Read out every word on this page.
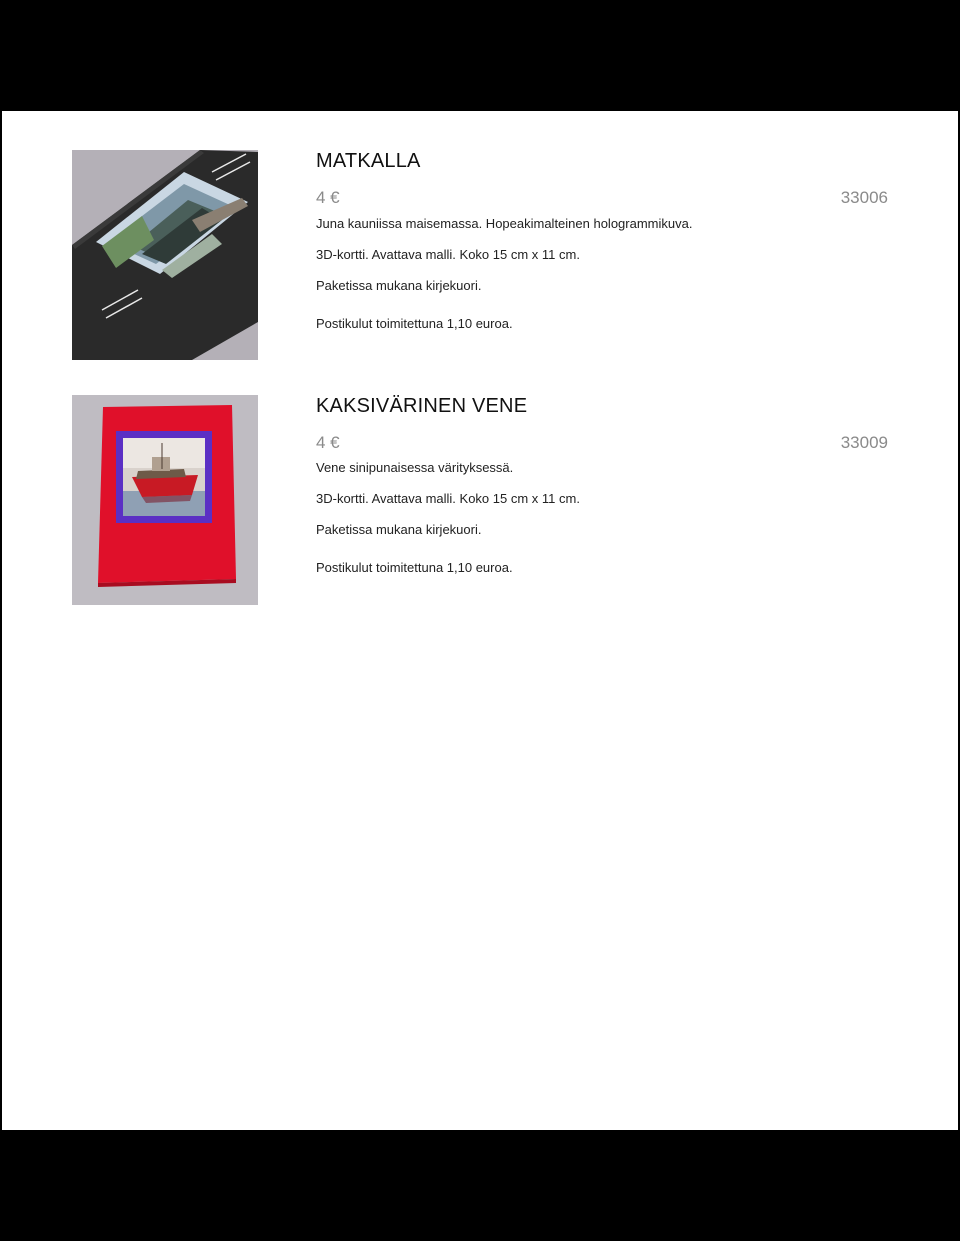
MATKALLA
4 €	33006
Juna kauniissa maisemassa. Hopeakimalteinen hologrammikuva.
3D-kortti. Avattava malli. Koko 15 cm x 11 cm.
Paketissa mukana kirjekuori.
Postikulut toimitettuna 1,10 euroa.
KAKSIVÄRINEN VENE
4 €	33009
Vene sinipunaisessa värityksessä.
3D-kortti. Avattava malli. Koko 15 cm x 11 cm.
Paketissa mukana kirjekuori.
Postikulut toimitettuna 1,10 euroa.
